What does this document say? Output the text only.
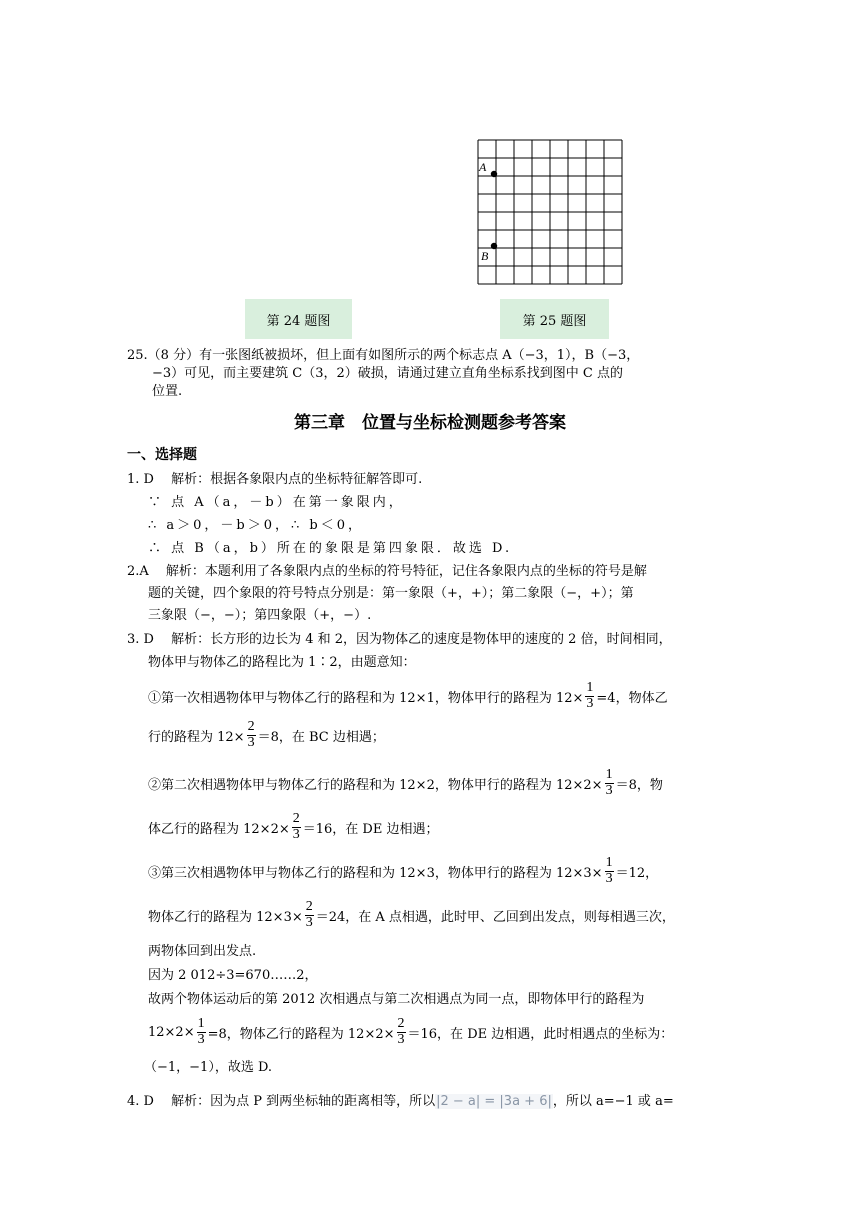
A
B
第 24 题图	第 25 题图
25.（8 分）有一张图纸被损坏，但上面有如图所示的两个标志点 A（−3，1），B（−3，
−3）可见，而主要建筑 C（3，2）破损，请通过建立直角坐标系找到图中 C 点的
位置.
第三章　位置与坐标检测题参考答案
一、选择题
1. D　 解析：根据各象限内点的坐标特征解答即可.
∵ 点 A（a，－b）在第一象限内，
∴ a＞0，－b＞0，∴ b＜0，
∴ 点 B（a，b）所在的象限是第四象限．故选 D.
2.A　 解析：本题利用了各象限内点的坐标的符号特征，记住各象限内点的坐标的符号是解
题的关键，四个象限的符号特点分别是：第一象限（+，+）；第二象限（−，+）；第
三象限（−，−）；第四象限（+，−）.
3. D　 解析：长方形的边长为 4 和 2，因为物体乙的速度是物体甲的速度的 2 倍，时间相同，
物体甲与物体乙的路程比为 1∶2，由题意知：
①第一次相遇物体甲与物体乙行的路程和为 12×1，物体甲行的路程为 $12\times \frac{1}{3} =4$，物体乙
行的路程为 $12\times \frac{2}{3} =8$，在 BC 边相遇；
②第二次相遇物体甲与物体乙行的路程和为 12×2，物体甲行的路程为 $12\times 2\times \frac{1}{3} =8$，物
体乙行的路程为 $12\times 2\times \frac{2}{3} =16$，在 DE 边相遇；
③第三次相遇物体甲与物体乙行的路程和为 12×3，物体甲行的路程为 $12\times 3\times \frac{1}{3} =12$，
物体乙行的路程为 $12\times 3\times \frac{2}{3} =24$，在 A 点相遇，此时甲、乙回到出发点，则每相遇三次，
两物体回到出发点.
因为 2 012÷3=670……2，
故两个物体运动后的第 2012 次相遇点与第二次相遇点为同一点，即物体甲行的路程为
$12\times 2\times \frac{1}{3} =8$，物体乙行的路程为 $12\times 2\times \frac{2}{3} =16$，在 DE 边相遇，此时相遇点的坐标为：
（−1，−1），故选 D.
4. D　 解析：因为点 P 到两坐标轴的距离相等，所以|2 − a| = |3a + 6|，所以 a=−1 或 a=
